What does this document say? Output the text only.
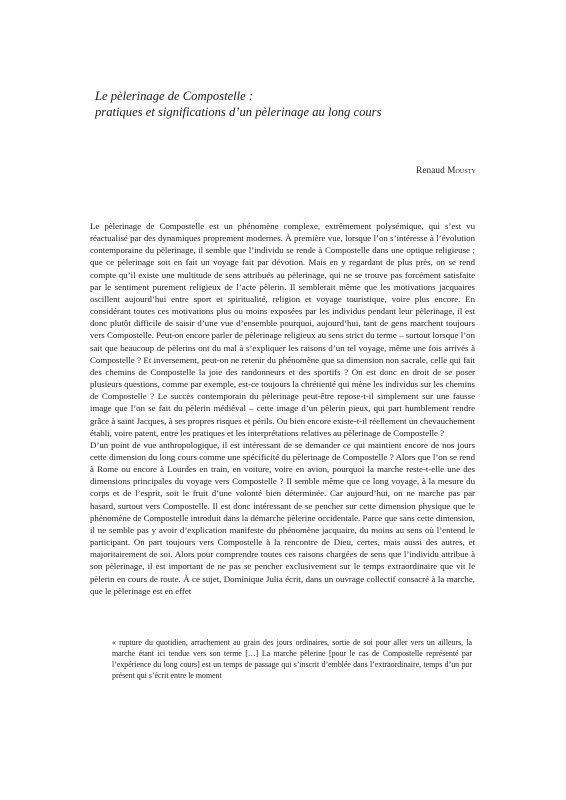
Le pèlerinage de Compostelle :
pratiques et significations d’un pèlerinage au long cours
Renaud Mousty

Le pèlerinage de Compostelle est un phénomène complexe, extrêmement polysémique, qui s’est vu réactualisé par des dynamiques proprement modernes. À première vue, lorsque l’on s’intéresse à l’évolution contemporaine du pèlerinage, il semble que l’individu se rende à Compostelle dans une optique religieuse ; que ce pèlerinage soit en fait un voyage fait par dévotion. Mais en y regardant de plus près, on se rend compte qu’il existe une multitude de sens attribués au pèlerinage, qui ne se trouve pas forcément satisfaite par le sentiment purement religieux de l’acte pèlerin. Il semblerait même que les motivations jacquaires oscillent aujourd’hui entre sport et spiritualité, religion et voyage touristique, voire plus encore. En considérant toutes ces motivations plus ou moins exposées par les individus pendant leur pèlerinage, il est donc plutôt difficile de saisir d’une vue d’ensemble pourquoi, aujourd’hui, tant de gens marchent toujours vers Compostelle. Peut-on encore parler de pèlerinage religieux au sens strict du terme – surtout lorsque l’on sait que beaucoup de pèlerins ont du mal à s’expliquer les raisons d’un tel voyage, même une fois arrivés à Compostelle ? Et inversement, peut-on ne retenir du phénomène que sa dimension non sacrale, celle qui fait des chemins de Compostelle la joie des randonneurs et des sportifs ? On est donc en droit de se poser plusieurs questions, comme par exemple, est-ce toujours la chrétienté qui mène les individus sur les chemins de Compostelle ? Le succès contemporain du pèlerinage peut-être repose-t-il simplement sur une fausse image que l’on se fait du pèlerin médiéval – cette image d’un pèlerin pieux, qui part humblement rendre grâce à saint Jacques, à ses propres risques et périls. Ou bien encore existe-t-il réellement un chevauchement établi, voire patent, entre les pratiques et les interprétations relatives au pèlerinage de Compostelle ?

D’un point de vue anthropologique, il est intéressant de se demander ce qui maintient encore de nos jours cette dimension du long cours comme une spécificité du pèlerinage de Compostelle ? Alors que l’on se rend à Rome ou encore à Lourdes en train, en voiture, voire en avion, pourquoi la marche reste-t-elle une des dimensions principales du voyage vers Compostelle ? Il semble même que ce long voyage, à la mesure du corps et de l’esprit, soit le fruit d’une volonté bien déterminée. Car aujourd’hui, on ne marche pas par hasard, surtout vers Compostelle. Il est donc intéressant de se pencher sur cette dimension physique que le phénomène de Compostelle introduit dans la démarche pèlerine occidentale. Parce que sans cette dimension, il ne semble pas y avoir d’explication manifeste du phénomène jacquaire, du moins au sens où l’entend le participant. On part toujours vers Compostelle à la rencontre de Dieu, certes, mais aussi des autres, et majoritairement de soi. Alors pour comprendre toutes ces raisons chargées de sens que l’individu attribue à son pèlerinage, il est important de ne pas se pencher exclusivement sur le temps extraordinaire que vit le pèlerin en cours de route. À ce sujet, Dominique Julia écrit, dans un ouvrage collectif consacré à la marche, que le pèlerinage est en effet

« rupture du quotidien, arrachement au grain des jours ordinaires, sortie de soi pour aller vers un ailleurs, la marche étant ici tendue vers son terme […] La marche pèlerine [pour le cas de Compostelle représenté par l’expérience du long cours] est un temps de passage qui s’inscrit d’emblée dans l’extraordinaire, temps d’un pur présent qui s’écrit entre le moment
